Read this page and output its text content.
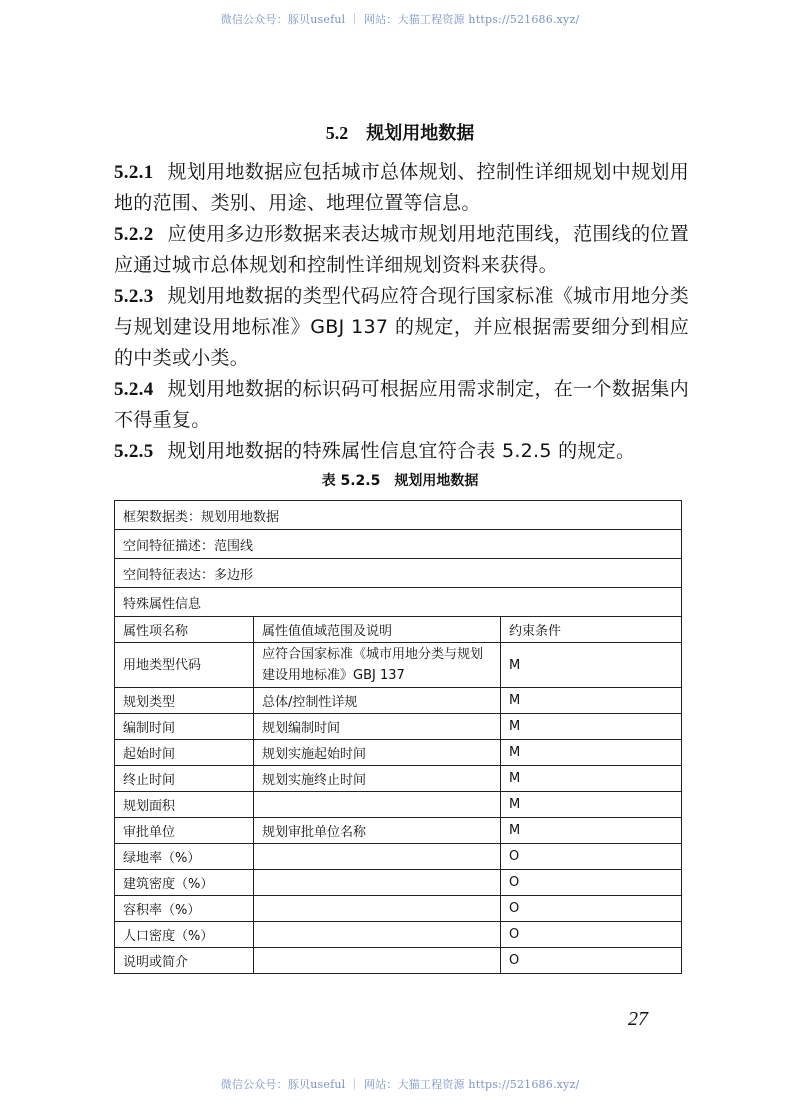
微信公众号：豚贝useful ｜ 网站：大猫工程资源 https://521686.xyz/
5.2 规划用地数据
5.2.1 规划用地数据应包括城市总体规划、控制性详细规划中规划用地的范围、类别、用途、地理位置等信息。
5.2.2 应使用多边形数据来表达城市规划用地范围线，范围线的位置应通过城市总体规划和控制性详细规划资料来获得。
5.2.3 规划用地数据的类型代码应符合现行国家标准《城市用地分类与规划建设用地标准》GBJ 137 的规定，并应根据需要细分到相应的中类或小类。
5.2.4 规划用地数据的标识码可根据应用需求制定，在一个数据集内不得重复。
5.2.5 规划用地数据的特殊属性信息宜符合表 5.2.5 的规定。
表 5.2.5 规划用地数据
框架数据类：规划用地数据		
空间特征描述：范围线		
空间特征表达：多边形		
特殊属性信息		
属性项名称	属性值值域范围及说明	约束条件
用地类型代码	应符合国家标准《城市用地分类与规划建设用地标准》GBJ 137	M
规划类型	总体/控制性详规	M
编制时间	规划编制时间	M
起始时间	规划实施起始时间	M
终止时间	规划实施终止时间	M
规划面积		M
审批单位	规划审批单位名称	M
绿地率（%）		O
建筑密度（%）		O
容积率（%）		O
人口密度（%）		O
说明或简介		O
27
微信公众号：豚贝useful ｜ 网站：大猫工程资源 https://521686.xyz/
